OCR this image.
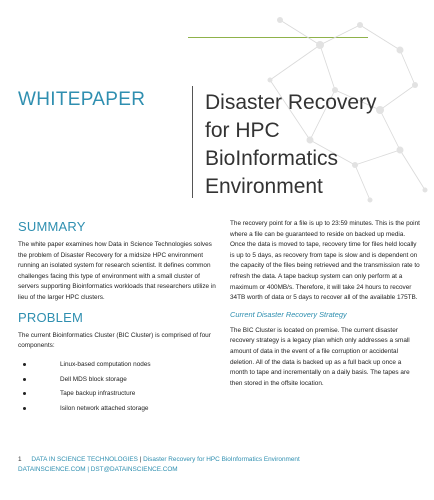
WHITEPAPER	Disaster Recovery
for HPC
BioInformatics
Environment
SUMMARY

The white paper examines how Data in Science Technologies solves the problem of Disaster Recovery for a midsize HPC environment running an isolated system for research scientist. It defines common challenges facing this type of environment with a small cluster of servers supporting Bioinformatics workloads that researchers utilize in lieu of the larger HPC clusters.

PROBLEM

The current Bioinformatics Cluster (BIC Cluster) is comprised of four components:

Linux-based computation nodes
Dell MDS block storage
Tape backup infrastructure
Isilon network attached storage

The recovery point for a file is up to 23:59 minutes. This is the point where a file can be guaranteed to reside on backed up media. Once the data is moved to tape, recovery time for files held locally is up to 5 days, as recovery from tape is slow and is dependent on the capacity of the files being retrieved and the transmission rate to refresh the data. A tape backup system can only perform at a maximum or 400MB/s. Therefore, it will take 24 hours to recover 34TB worth of data or 5 days to recover all of the available 175TB.

Current Disaster Recovery Strategy

The BIC Cluster is located on premise. The current disaster recovery strategy is a legacy plan which only addresses a small amount of data in the event of a file corruption or accidental deletion. All of the data is backed up as a full back up once a month to tape and incrementally on a daily basis. The tapes are then stored in the offsite location.

1 DATA IN SCIENCE TECHNOLOGIES | Disaster Recovery for HPC BioInformatics Environment
DATAINSCIENCE.COM | DST@DATAINSCIENCE.COM
